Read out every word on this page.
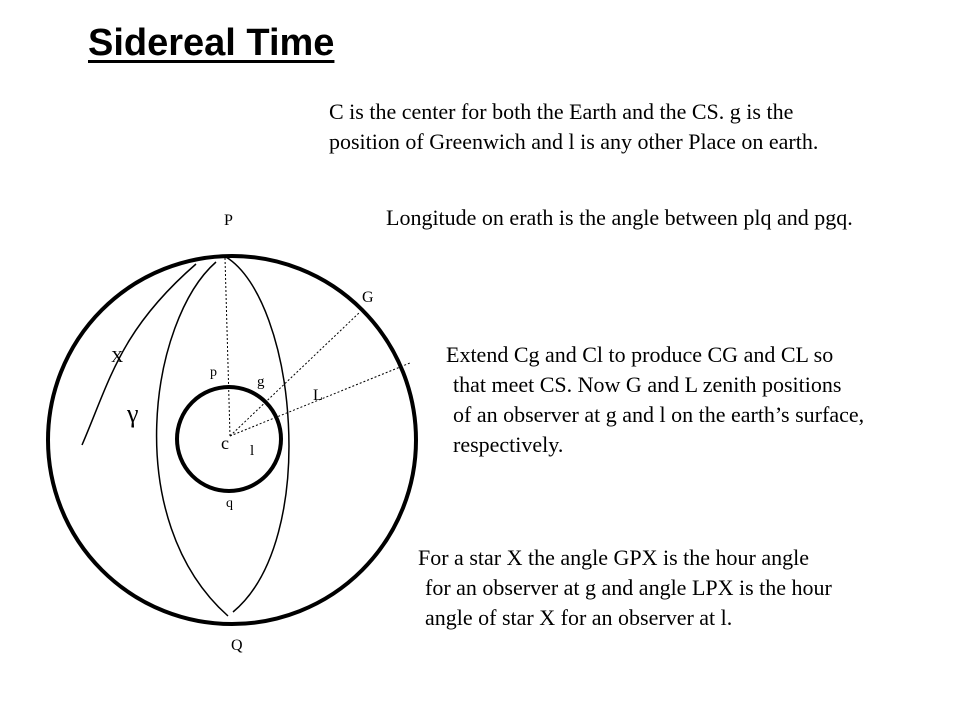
Sidereal Time
C is the center for both the Earth and the CS. g is the
position of Greenwich and l is any other Place on earth.
Longitude on erath is the angle between plq and pgq.
Extend Cg and Cl to produce CG and CL so
that meet CS. Now G and L zenith positions
of an observer at g and l on the earth’s surface,
respectively.
For a star X the angle GPX is the hour angle
for an observer at g and angle LPX is the hour
angle of star X for an observer at l.
P
G
L
X
γ
p
g
c l
q
Q
